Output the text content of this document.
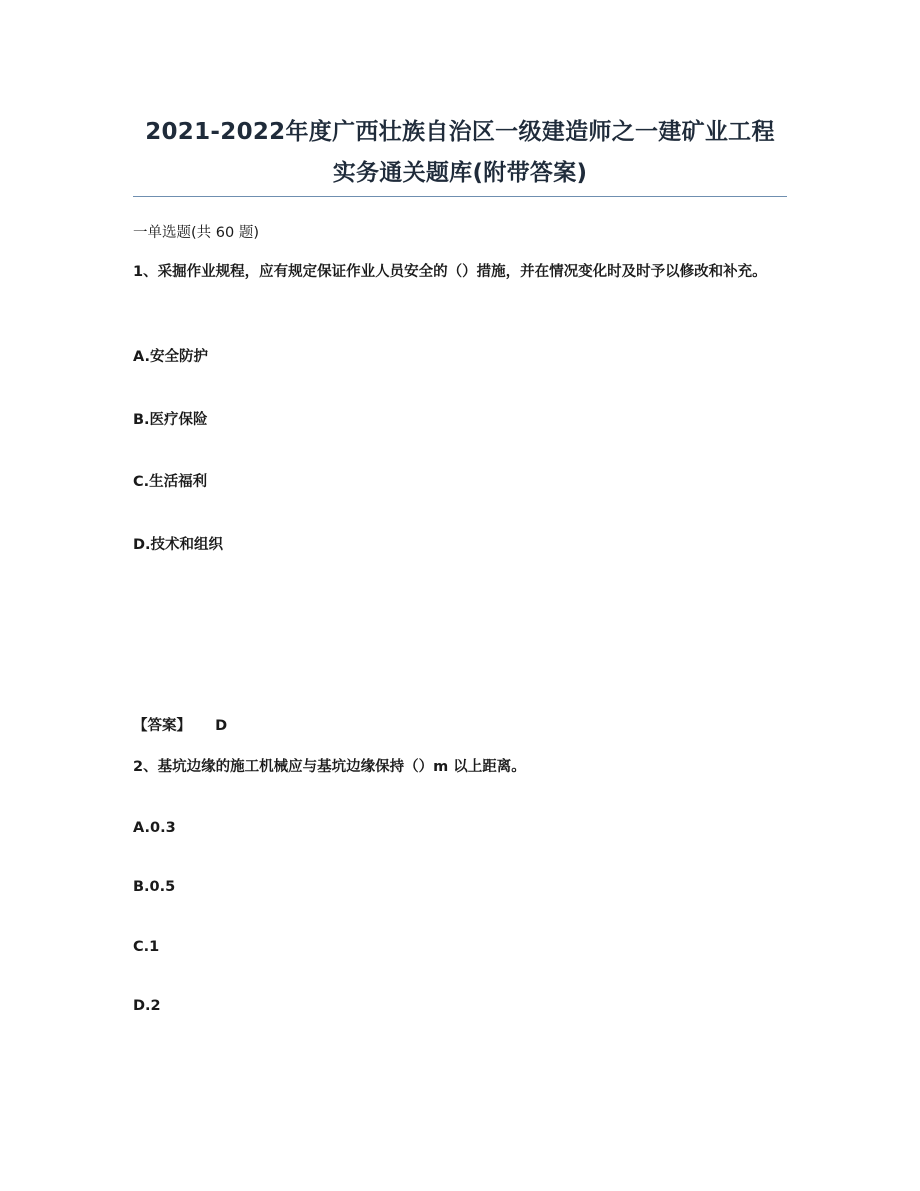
2021-2022年度广西壮族自治区一级建造师之一建矿业工程
实务通关题库(附带答案)
一单选题(共 60 题)
1、采掘作业规程，应有规定保证作业人员安全的（）措施，并在情况变化时及时予以修改和补充。
A.安全防护
B.医疗保险
C.生活福利
D.技术和组织
【答案】 D
2、基坑边缘的施工机械应与基坑边缘保持（）m 以上距离。
A.0.3
B.0.5
C.1
D.2
